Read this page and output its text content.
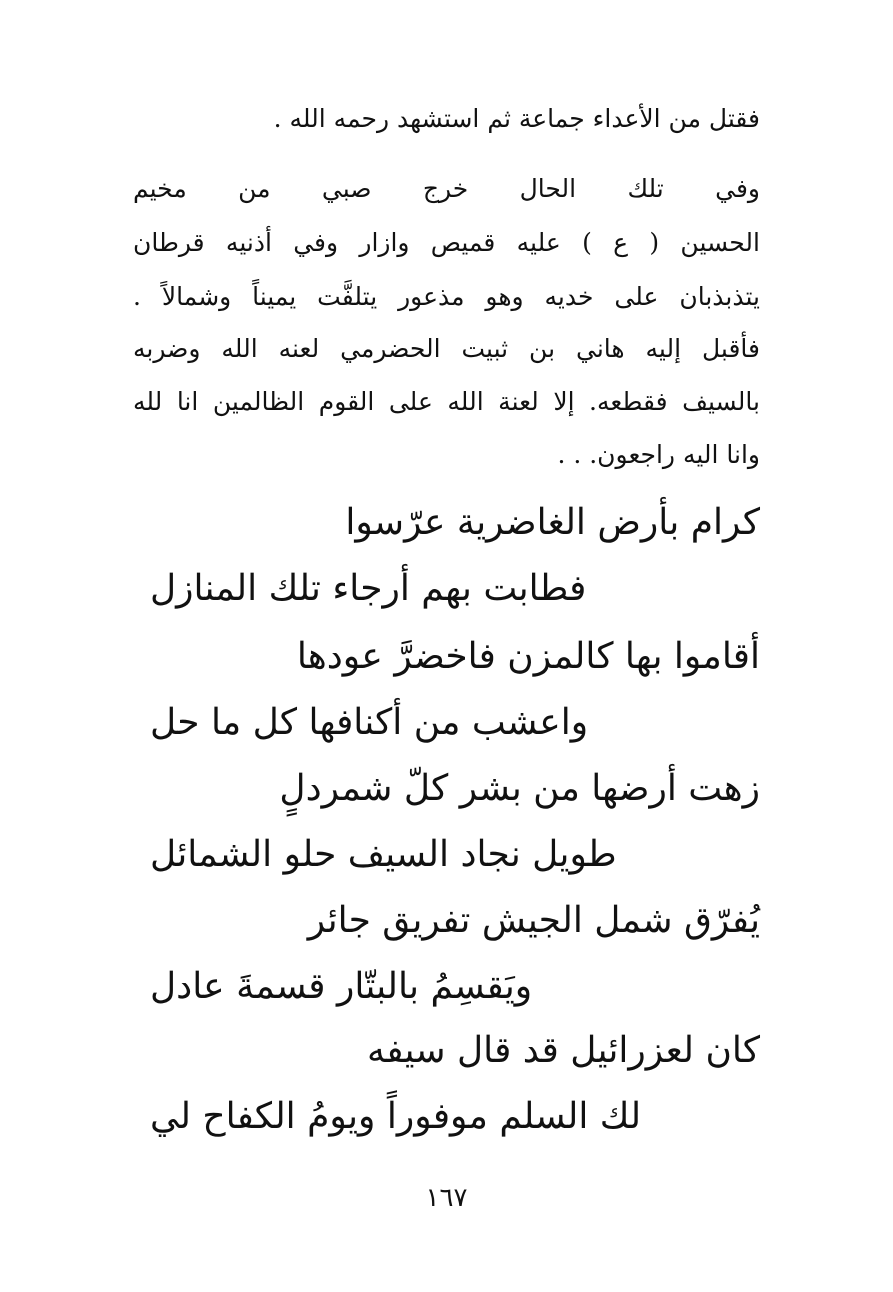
فقتل من الأعداء جماعة ثم استشهد رحمه الله .

وفي تلك الحال خرج صبي من مخيم

الحسين ( ع ) عليه قميص وازار وفي أذنيه قرطان

يتذبذبان على خديه وهو مذعور يتلفَّت يميناً وشمالاً .

فأقبل إليه هاني بن ثبيت الحضرمي لعنه الله وضربه

بالسيف فقطعه. إلا لعنة الله على القوم الظالمين انا لله

وانا اليه راجعون. . .

كرام بأرض الغاضرية عرّسوا

فطابت بهم أرجاء تلك المنازل

أقاموا بها كالمزن فاخضرَّ عودها

واعشب من أكنافها كل ما حل

زهت أرضها من بشر كلّ شمردلٍ

طويل نجاد السيف حلو الشمائل

يُفرّق شمل الجيش تفريق جائر

ويَقسِمُ بالبتّار قسمةَ عادل

كان لعزرائيل قد قال سيفه

لك السلم موفوراً ويومُ الكفاح لي

١٦٧
